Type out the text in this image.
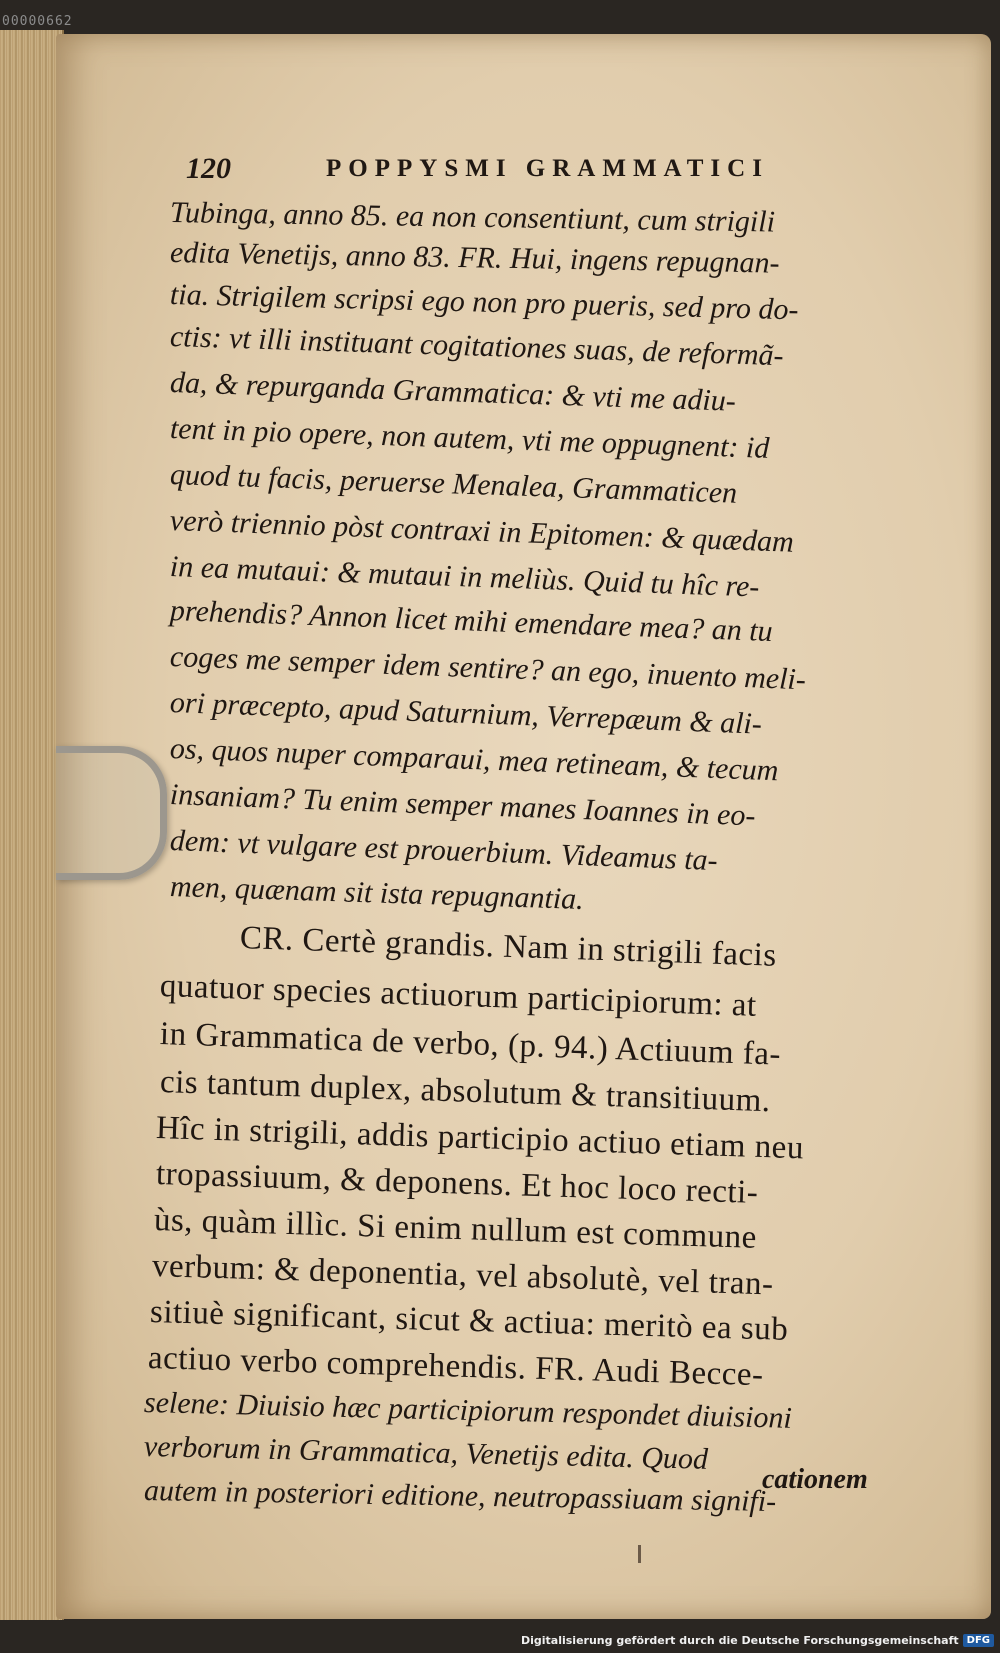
00000662
120	POPPYSMI GRAMMATICI
Tubinga, anno 85. ea non consentiunt, cum strigili
edita Venetijs, anno 83. FR. Hui, ingens repugnan-
tia. Strigilem scripsi ego non pro pueris, sed pro do-
ctis: vt illi instituant cogitationes suas, de reformã-
da, & repurganda Grammatica: & vti me adiu-
tent in pio opere, non autem, vti me oppugnent: id
quod tu facis, peruerse Menalea, Grammaticen
verò triennio pòst contraxi in Epitomen: & quædam
in ea mutaui: & mutaui in meliùs. Quid tu hîc re-
prehendis? Annon licet mihi emendare mea? an tu
coges me semper idem sentire? an ego, inuento meli-
ori præcepto, apud Saturnium, Verrepæum & ali-
os, quos nuper comparaui, mea retineam, & tecum
insaniam? Tu enim semper manes Ioannes in eo-
dem: vt vulgare est prouerbium. Videamus ta-
men, quænam sit ista repugnantia.
CR. Certè grandis. Nam in strigili facis
quatuor species actiuorum participiorum: at
in Grammatica de verbo, (p. 94.) Actiuum fa-
cis tantum duplex, absolutum & transitiuum.
Hîc in strigili, addis participio actiuo etiam neu
tropassiuum, & deponens. Et hoc loco recti-
ùs, quàm illìc. Si enim nullum est commune
verbum: & deponentia, vel absolutè, vel tran-
sitiuè significant, sicut & actiua: meritò ea sub
actiuo verbo comprehendis. FR. Audi Becce-
selene: Diuisio hæc participiorum respondet diuisioni
verborum in Grammatica, Venetijs edita. Quod
autem in posteriori editione, neutropassiuam signifi-
cationem
Digitalisierung gefördert durch die Deutsche Forschungsgemeinschaft DFG
